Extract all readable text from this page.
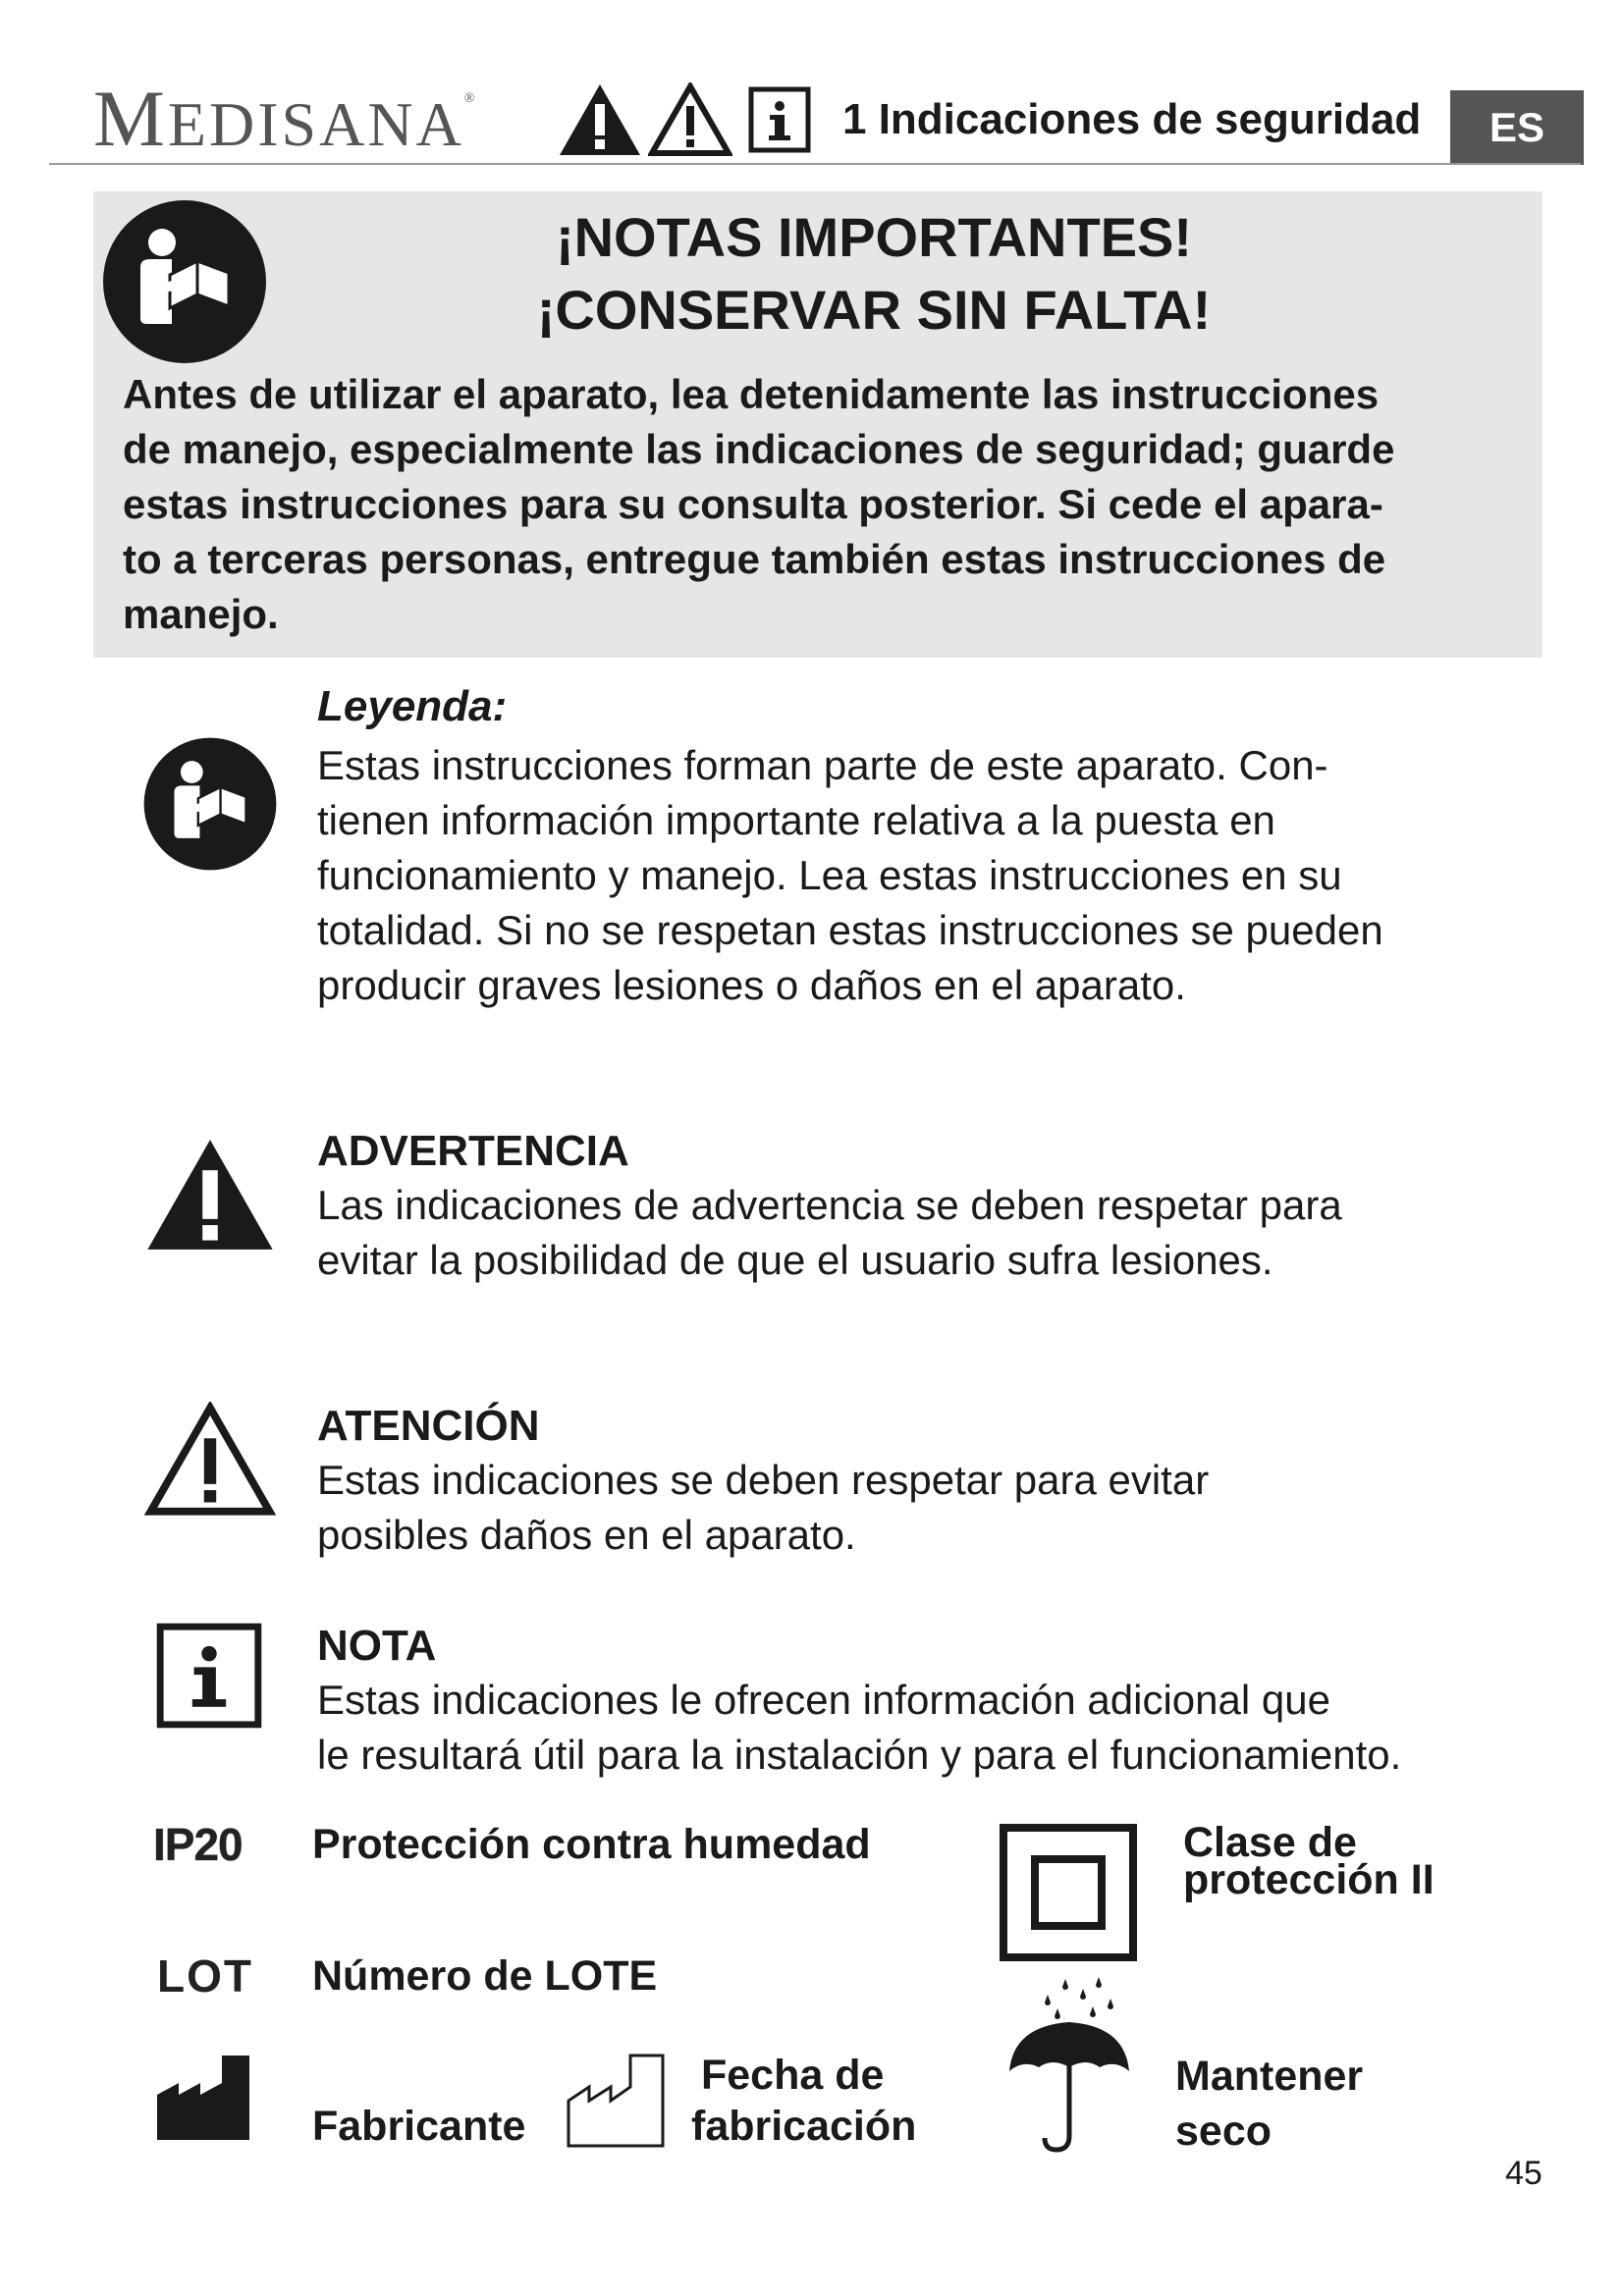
MEDISANA®	1 Indicaciones de seguridad	ES
¡NOTAS IMPORTANTES!
¡CONSERVAR SIN FALTA!
Antes de utilizar el aparato, lea detenidamente las instrucciones
de manejo, especialmente las indicaciones de seguridad; guarde
estas instrucciones para su consulta posterior. Si cede el apara-
to a terceras personas, entregue también estas instrucciones de
manejo.
Leyenda:
Estas instrucciones forman parte de este aparato. Con-
tienen información importante relativa a la puesta en
funcionamiento y manejo. Lea estas instrucciones en su
totalidad. Si no se respetan estas instrucciones se pueden
producir graves lesiones o daños en el aparato.
ADVERTENCIA
Las indicaciones de advertencia se deben respetar para
evitar la posibilidad de que el usuario sufra lesiones.
ATENCIÓN
Estas indicaciones se deben respetar para evitar
posibles daños en el aparato.
NOTA
Estas indicaciones le ofrecen información adicional que
le resultará útil para la instalación y para el funcionamiento.
IP20 Protección contra humedad
LOT Número de LOTE
Fabricante
Fecha de
fabricación
Clase de
protección II
Mantener
seco
45
